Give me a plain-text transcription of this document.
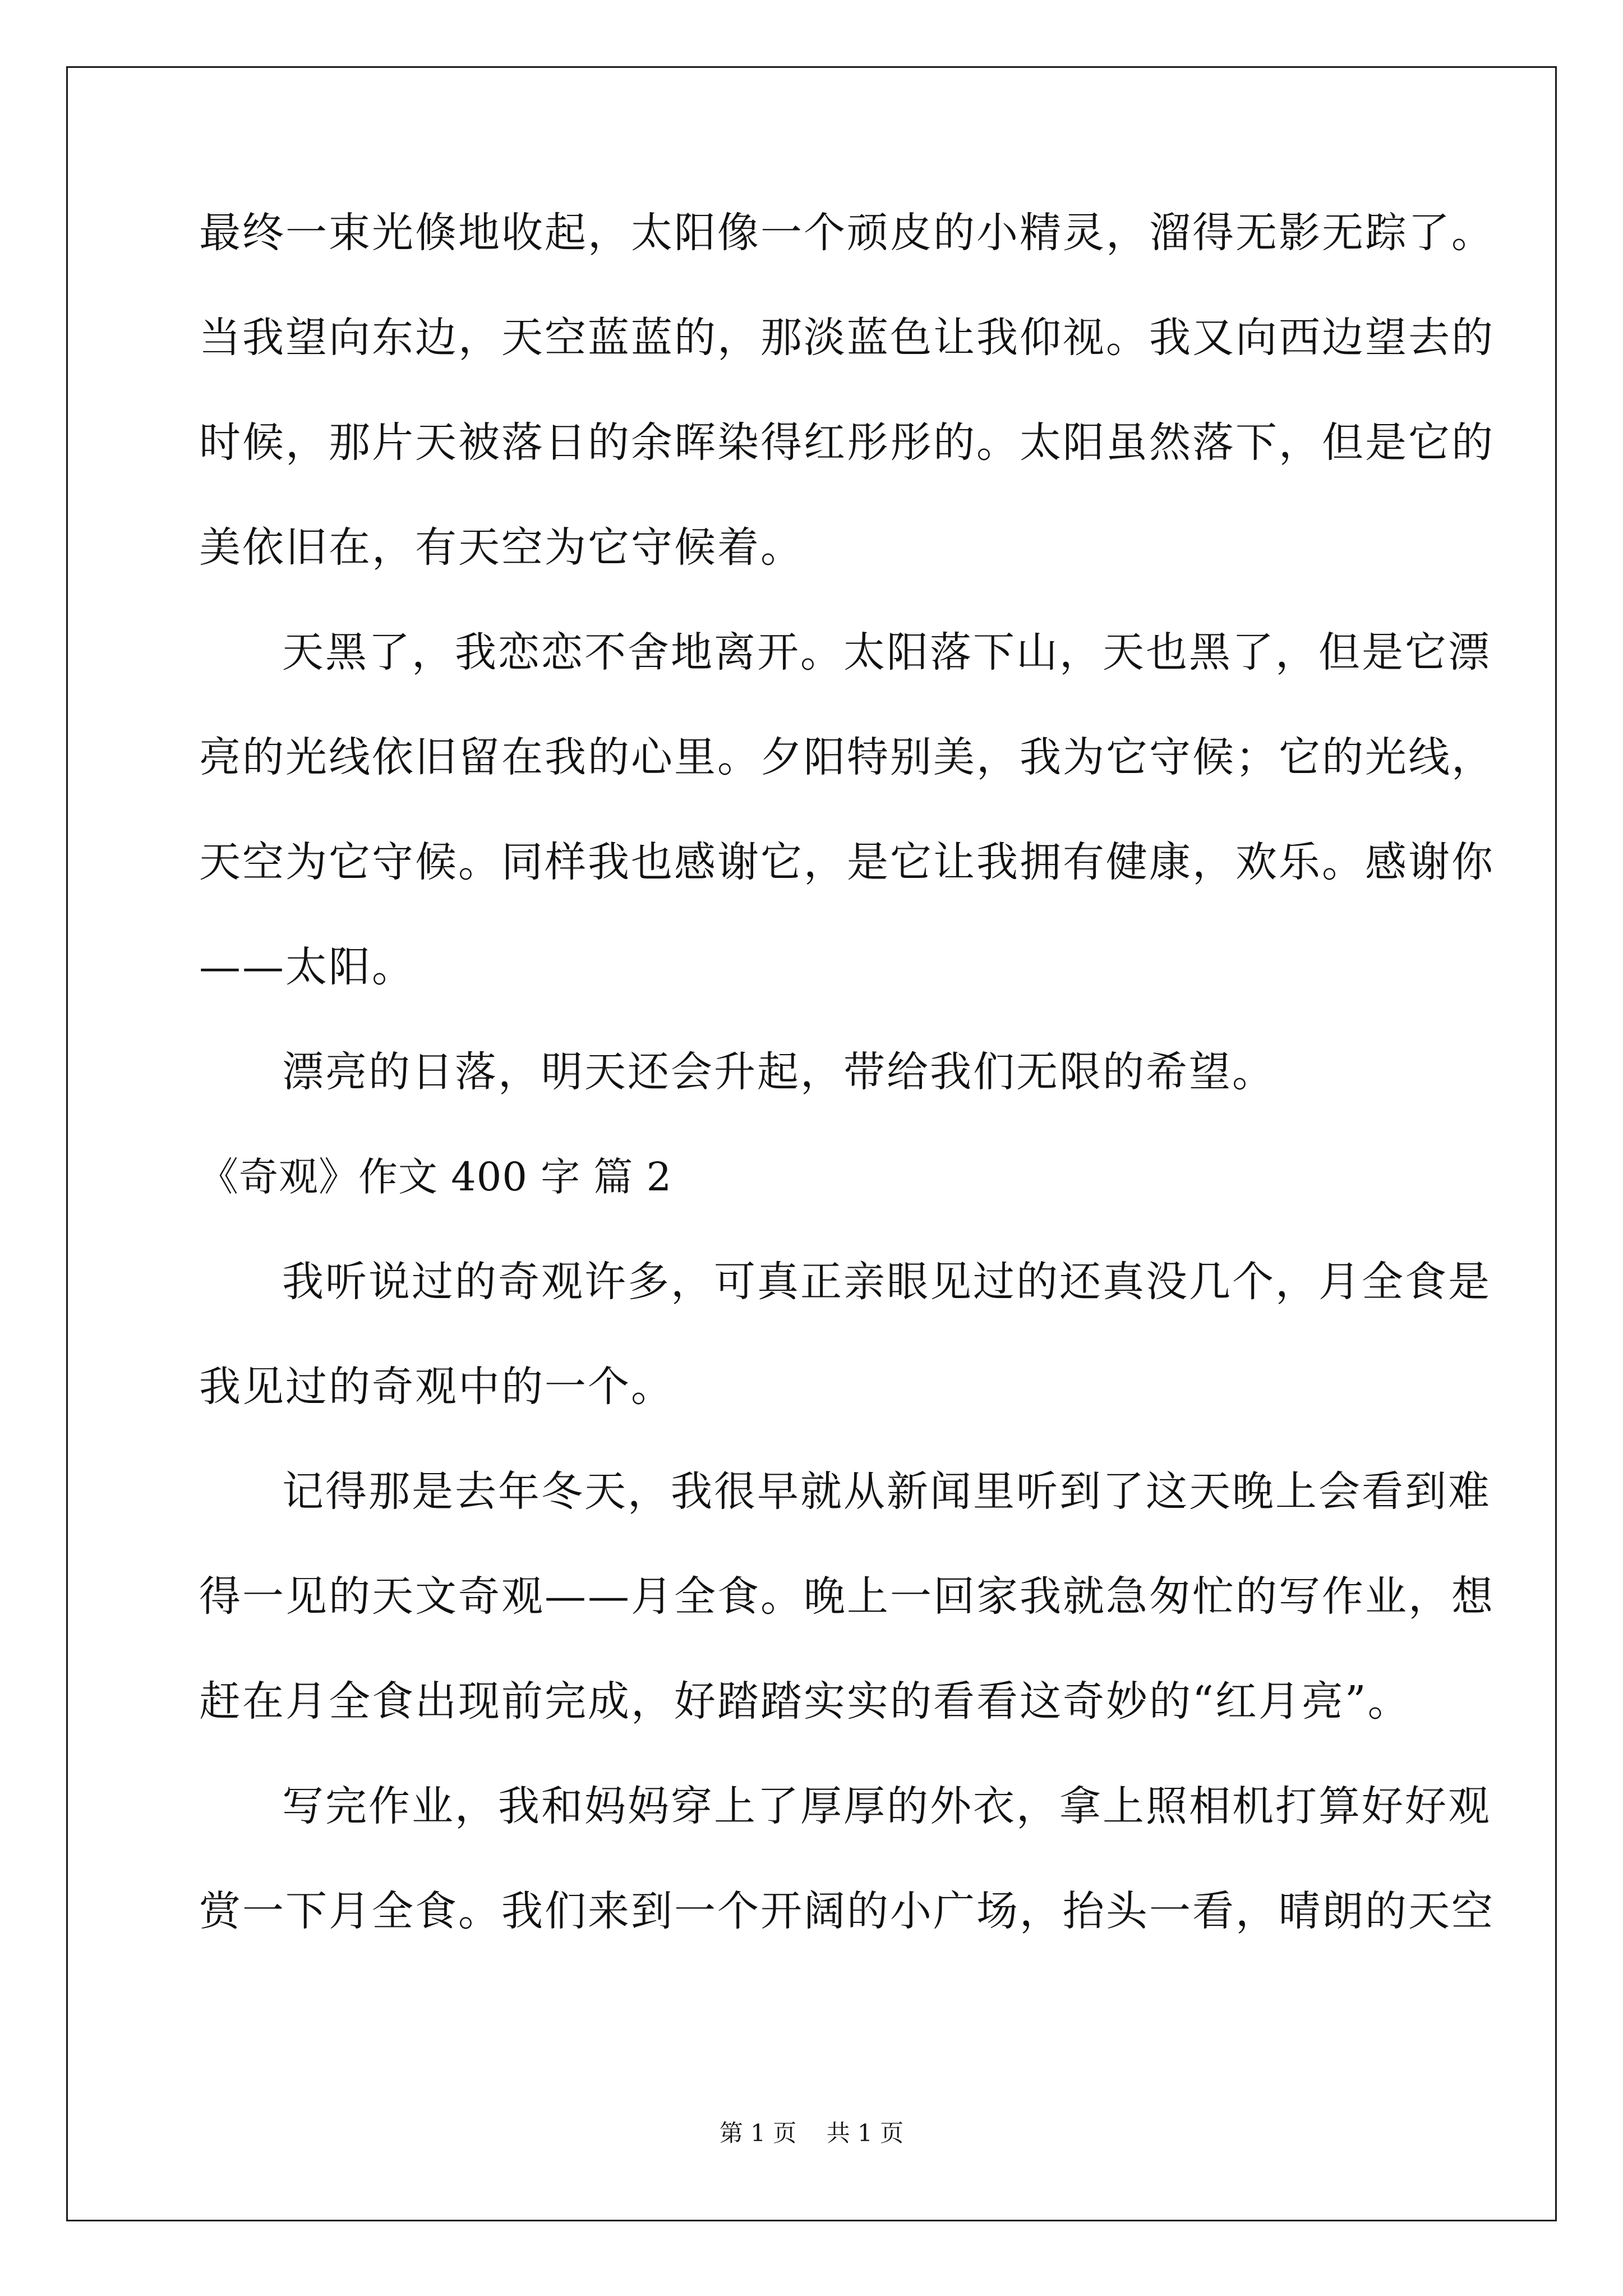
最终一束光倏地收起，太阳像一个顽皮的小精灵，溜得无影无踪了。
当我望向东边，天空蓝蓝的，那淡蓝色让我仰视。我又向西边望去的
时候，那片天被落日的余晖染得红彤彤的。太阳虽然落下，但是它的
美依旧在，有天空为它守候着。
天黑了，我恋恋不舍地离开。太阳落下山，天也黑了，但是它漂
亮的光线依旧留在我的心里。夕阳特别美，我为它守候；它的光线，
天空为它守候。同样我也感谢它，是它让我拥有健康，欢乐。感谢你
——太阳。
漂亮的日落，明天还会升起，带给我们无限的希望。
《奇观》作文 400 字 篇 2
我听说过的奇观许多，可真正亲眼见过的还真没几个，月全食是
我见过的奇观中的一个。
记得那是去年冬天，我很早就从新闻里听到了这天晚上会看到难
得一见的天文奇观——月全食。晚上一回家我就急匆忙的写作业，想
赶在月全食出现前完成，好踏踏实实的看看这奇妙的“红月亮”。
写完作业，我和妈妈穿上了厚厚的外衣，拿上照相机打算好好观
赏一下月全食。我们来到一个开阔的小广场，抬头一看，晴朗的天空
第 1 页    共 1 页
